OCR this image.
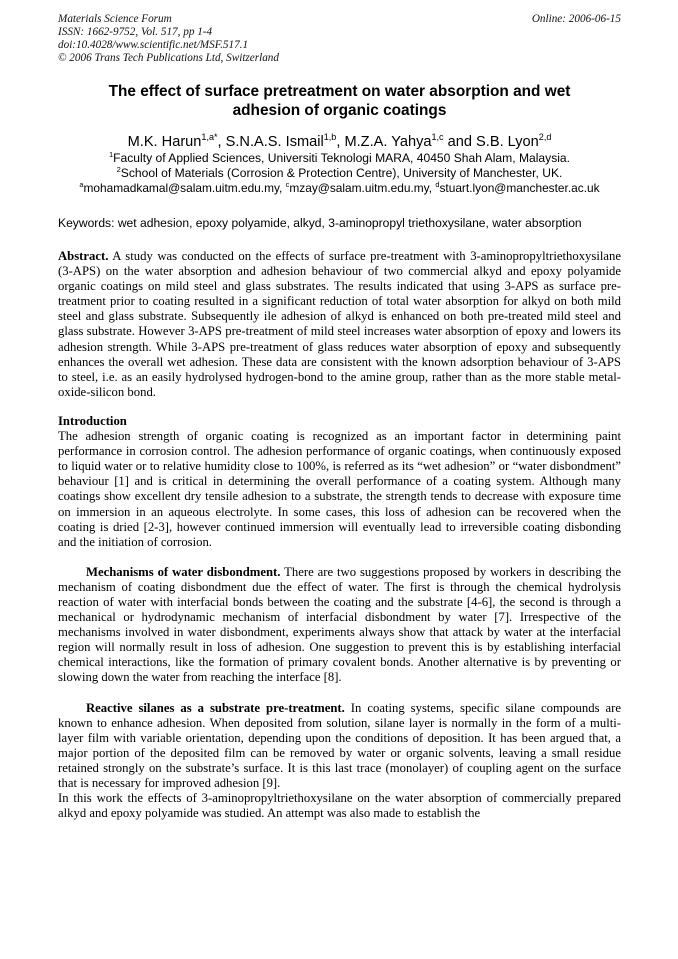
Materials Science Forum
ISSN: 1662-9752, Vol. 517, pp 1-4
doi:10.4028/www.scientific.net/MSF.517.1
© 2006 Trans Tech Publications Ltd, Switzerland
Online: 2006-06-15
The effect of surface pretreatment on water absorption and wet adhesion of organic coatings
M.K. Harun$^{1,a*}$, S.N.A.S. Ismail$^{1,b}$, M.Z.A. Yahya$^{1,c}$ and S.B. Lyon$^{2,d}$
$^1$Faculty of Applied Sciences, Universiti Teknologi MARA, 40450 Shah Alam, Malaysia.
$^2$School of Materials (Corrosion & Protection Centre), University of Manchester, UK.
$^a$mohamadkamal@salam.uitm.edu.my, $^c$mzay@salam.uitm.edu.my, $^d$stuart.lyon@manchester.ac.uk

Keywords: wet adhesion, epoxy polyamide, alkyd, 3-aminopropyl triethoxysilane, water absorption

Abstract. A study was conducted on the effects of surface pre-treatment with 3-aminopropyltriethoxysilane (3-APS) on the water absorption and adhesion behaviour of two commercial alkyd and epoxy polyamide organic coatings on mild steel and glass substrates. The results indicated that using 3-APS as surface pre-treatment prior to coating resulted in a significant reduction of total water absorption for alkyd on both mild steel and glass substrate. Subsequently ile adhesion of alkyd is enhanced on both pre-treated mild steel and glass substrate. However 3-APS pre-treatment of mild steel increases water absorption of epoxy and lowers its adhesion strength. While 3-APS pre-treatment of glass reduces water absorption of epoxy and subsequently enhances the overall wet adhesion. These data are consistent with the known adsorption behaviour of 3-APS to steel, i.e. as an easily hydrolysed hydrogen-bond to the amine group, rather than as the more stable metal-oxide-silicon bond.

Introduction

The adhesion strength of organic coating is recognized as an important factor in determining paint performance in corrosion control. The adhesion performance of organic coatings, when continuously exposed to liquid water or to relative humidity close to 100%, is referred as its “wet adhesion” or “water disbondment” behaviour [1] and is critical in determining the overall performance of a coating system. Although many coatings show excellent dry tensile adhesion to a substrate, the strength tends to decrease with exposure time on immersion in an aqueous electrolyte. In some cases, this loss of adhesion can be recovered when the coating is dried [2-3], however continued immersion will eventually lead to irreversible coating disbonding and the initiation of corrosion.

Mechanisms of water disbondment. There are two suggestions proposed by workers in describing the mechanism of coating disbondment due the effect of water. The first is through the chemical hydrolysis reaction of water with interfacial bonds between the coating and the substrate [4-6], the second is through a mechanical or hydrodynamic mechanism of interfacial disbondment by water [7]. Irrespective of the mechanisms involved in water disbondment, experiments always show that attack by water at the interfacial region will normally result in loss of adhesion. One suggestion to prevent this is by establishing interfacial chemical interactions, like the formation of primary covalent bonds. Another alternative is by preventing or slowing down the water from reaching the interface [8].

Reactive silanes as a substrate pre-treatment. In coating systems, specific silane compounds are known to enhance adhesion. When deposited from solution, silane layer is normally in the form of a multi-layer film with variable orientation, depending upon the conditions of deposition. It has been argued that, a major portion of the deposited film can be removed by water or organic solvents, leaving a small residue retained strongly on the substrate’s surface. It is this last trace (monolayer) of coupling agent on the surface that is necessary for improved adhesion [9].

In this work the effects of 3-aminopropyltriethoxysilane on the water absorption of commercially prepared alkyd and epoxy polyamide was studied. An attempt was also made to establish the
